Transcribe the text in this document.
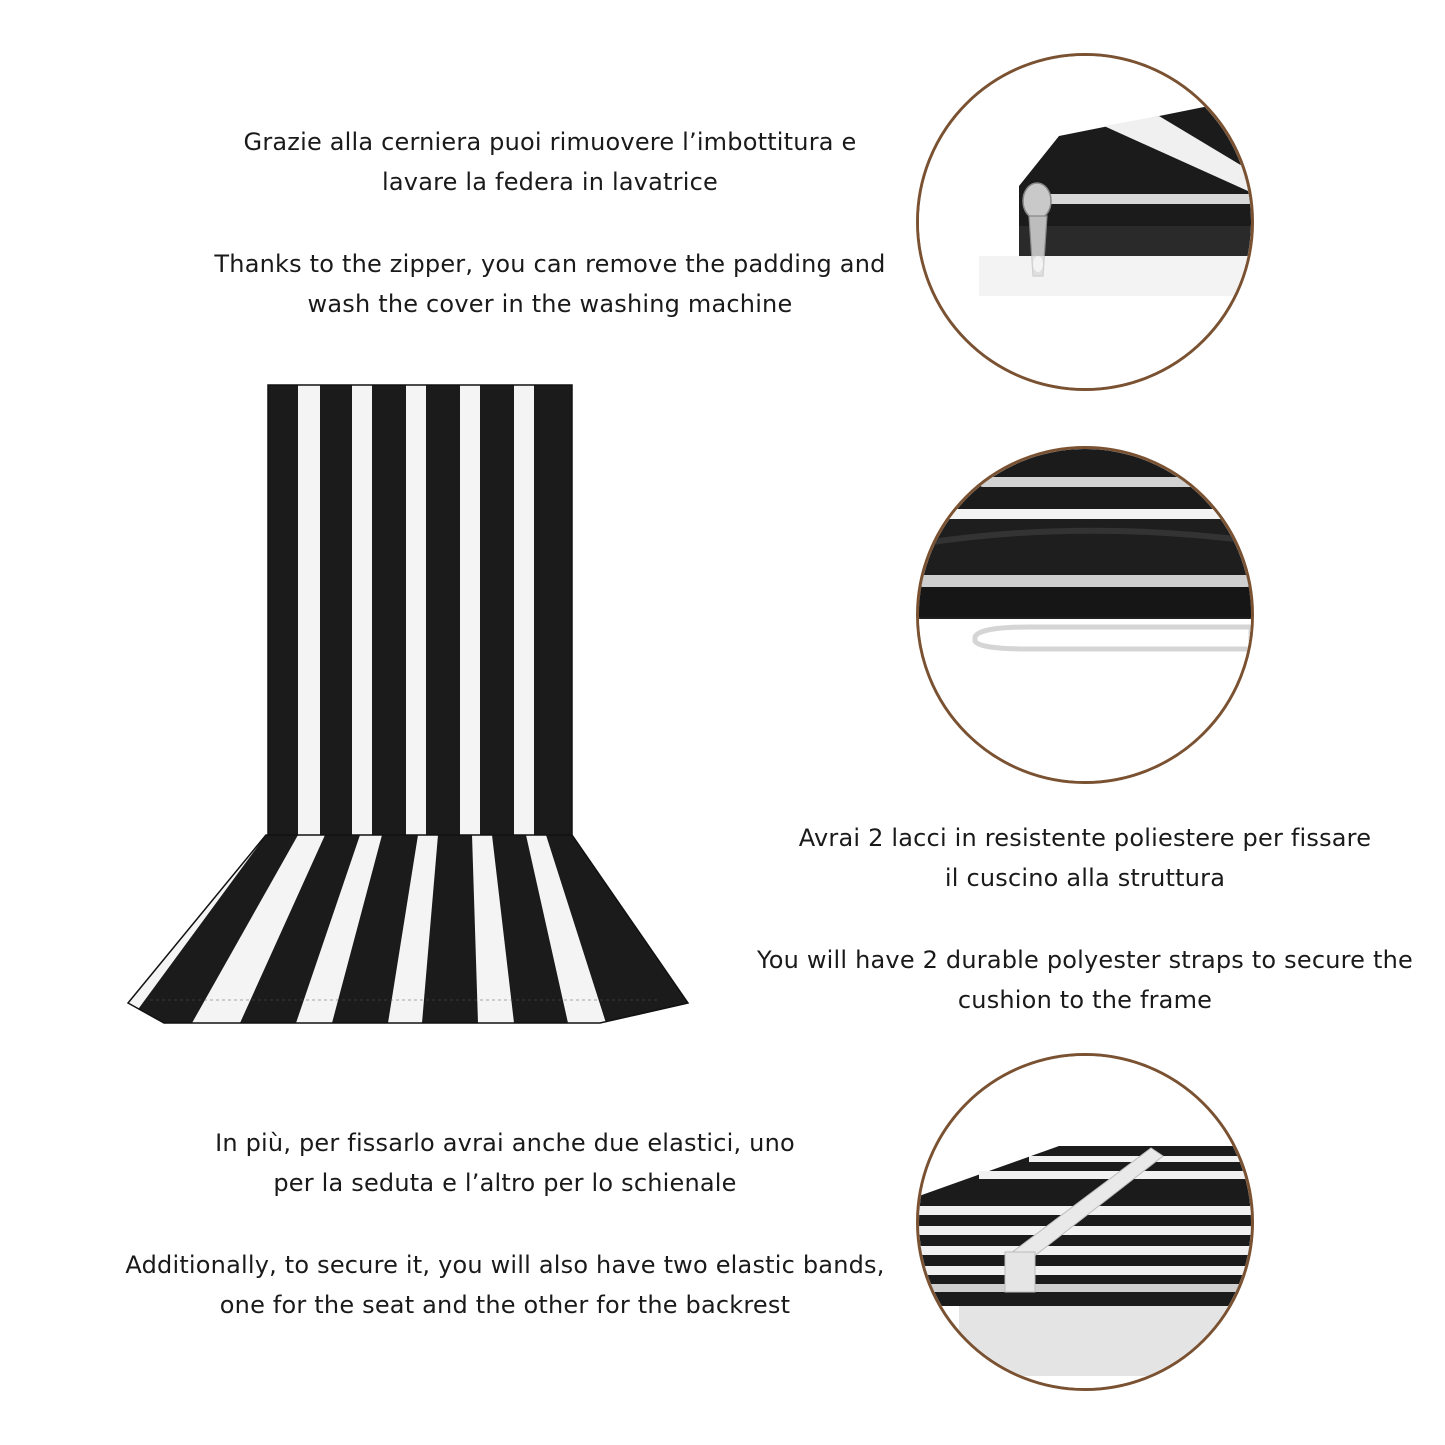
Grazie alla cerniera puoi rimuovere l’imbottitura e

lavare la federa in lavatrice

Thanks to the zipper, you can remove the padding and

wash the cover in the washing machine

Avrai 2 lacci in resistente poliestere per fissare

il cuscino alla struttura

You will have 2 durable polyester straps to secure the

cushion to the frame

In più, per fissarlo avrai anche due elastici, uno

per la seduta e l’altro per lo schienale

Additionally, to secure it, you will also have two elastic bands,

one for the seat and the other for the backrest
